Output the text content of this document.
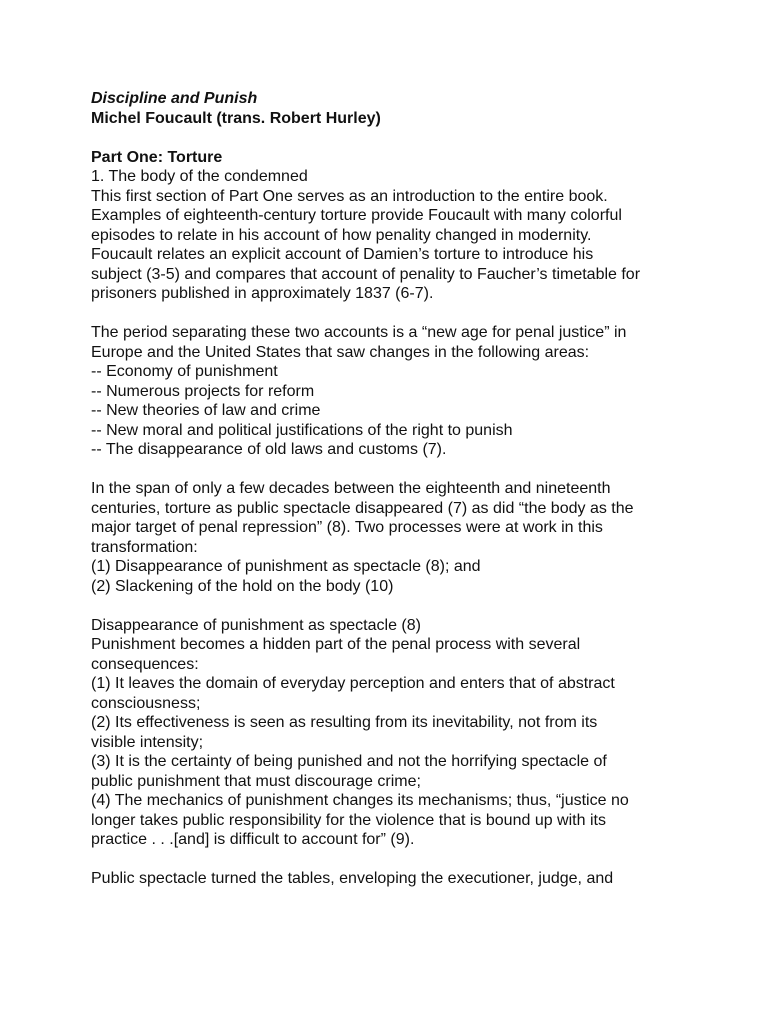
Discipline and Punish
Michel Foucault (trans. Robert Hurley)
Part One: Torture
1. The body of the condemned
This first section of Part One serves as an introduction to the entire book.
Examples of eighteenth-century torture provide Foucault with many colorful
episodes to relate in his account of how penality changed in modernity.
Foucault relates an explicit account of Damien’s torture to introduce his
subject (3-5) and compares that account of penality to Faucher’s timetable for
prisoners published in approximately 1837 (6-7).
The period separating these two accounts is a “new age for penal justice” in
Europe and the United States that saw changes in the following areas:
-- Economy of punishment
-- Numerous projects for reform
-- New theories of law and crime
-- New moral and political justifications of the right to punish
-- The disappearance of old laws and customs (7).
In the span of only a few decades between the eighteenth and nineteenth
centuries, torture as public spectacle disappeared (7) as did “the body as the
major target of penal repression” (8). Two processes were at work in this
transformation:
(1) Disappearance of punishment as spectacle (8); and
(2) Slackening of the hold on the body (10)
Disappearance of punishment as spectacle (8)
Punishment becomes a hidden part of the penal process with several
consequences:
(1) It leaves the domain of everyday perception and enters that of abstract
consciousness;
(2) Its effectiveness is seen as resulting from its inevitability, not from its
visible intensity;
(3) It is the certainty of being punished and not the horrifying spectacle of
public punishment that must discourage crime;
(4) The mechanics of punishment changes its mechanisms; thus, “justice no
longer takes public responsibility for the violence that is bound up with its
practice . . .[and] is difficult to account for” (9).
Public spectacle turned the tables, enveloping the executioner, judge, and
